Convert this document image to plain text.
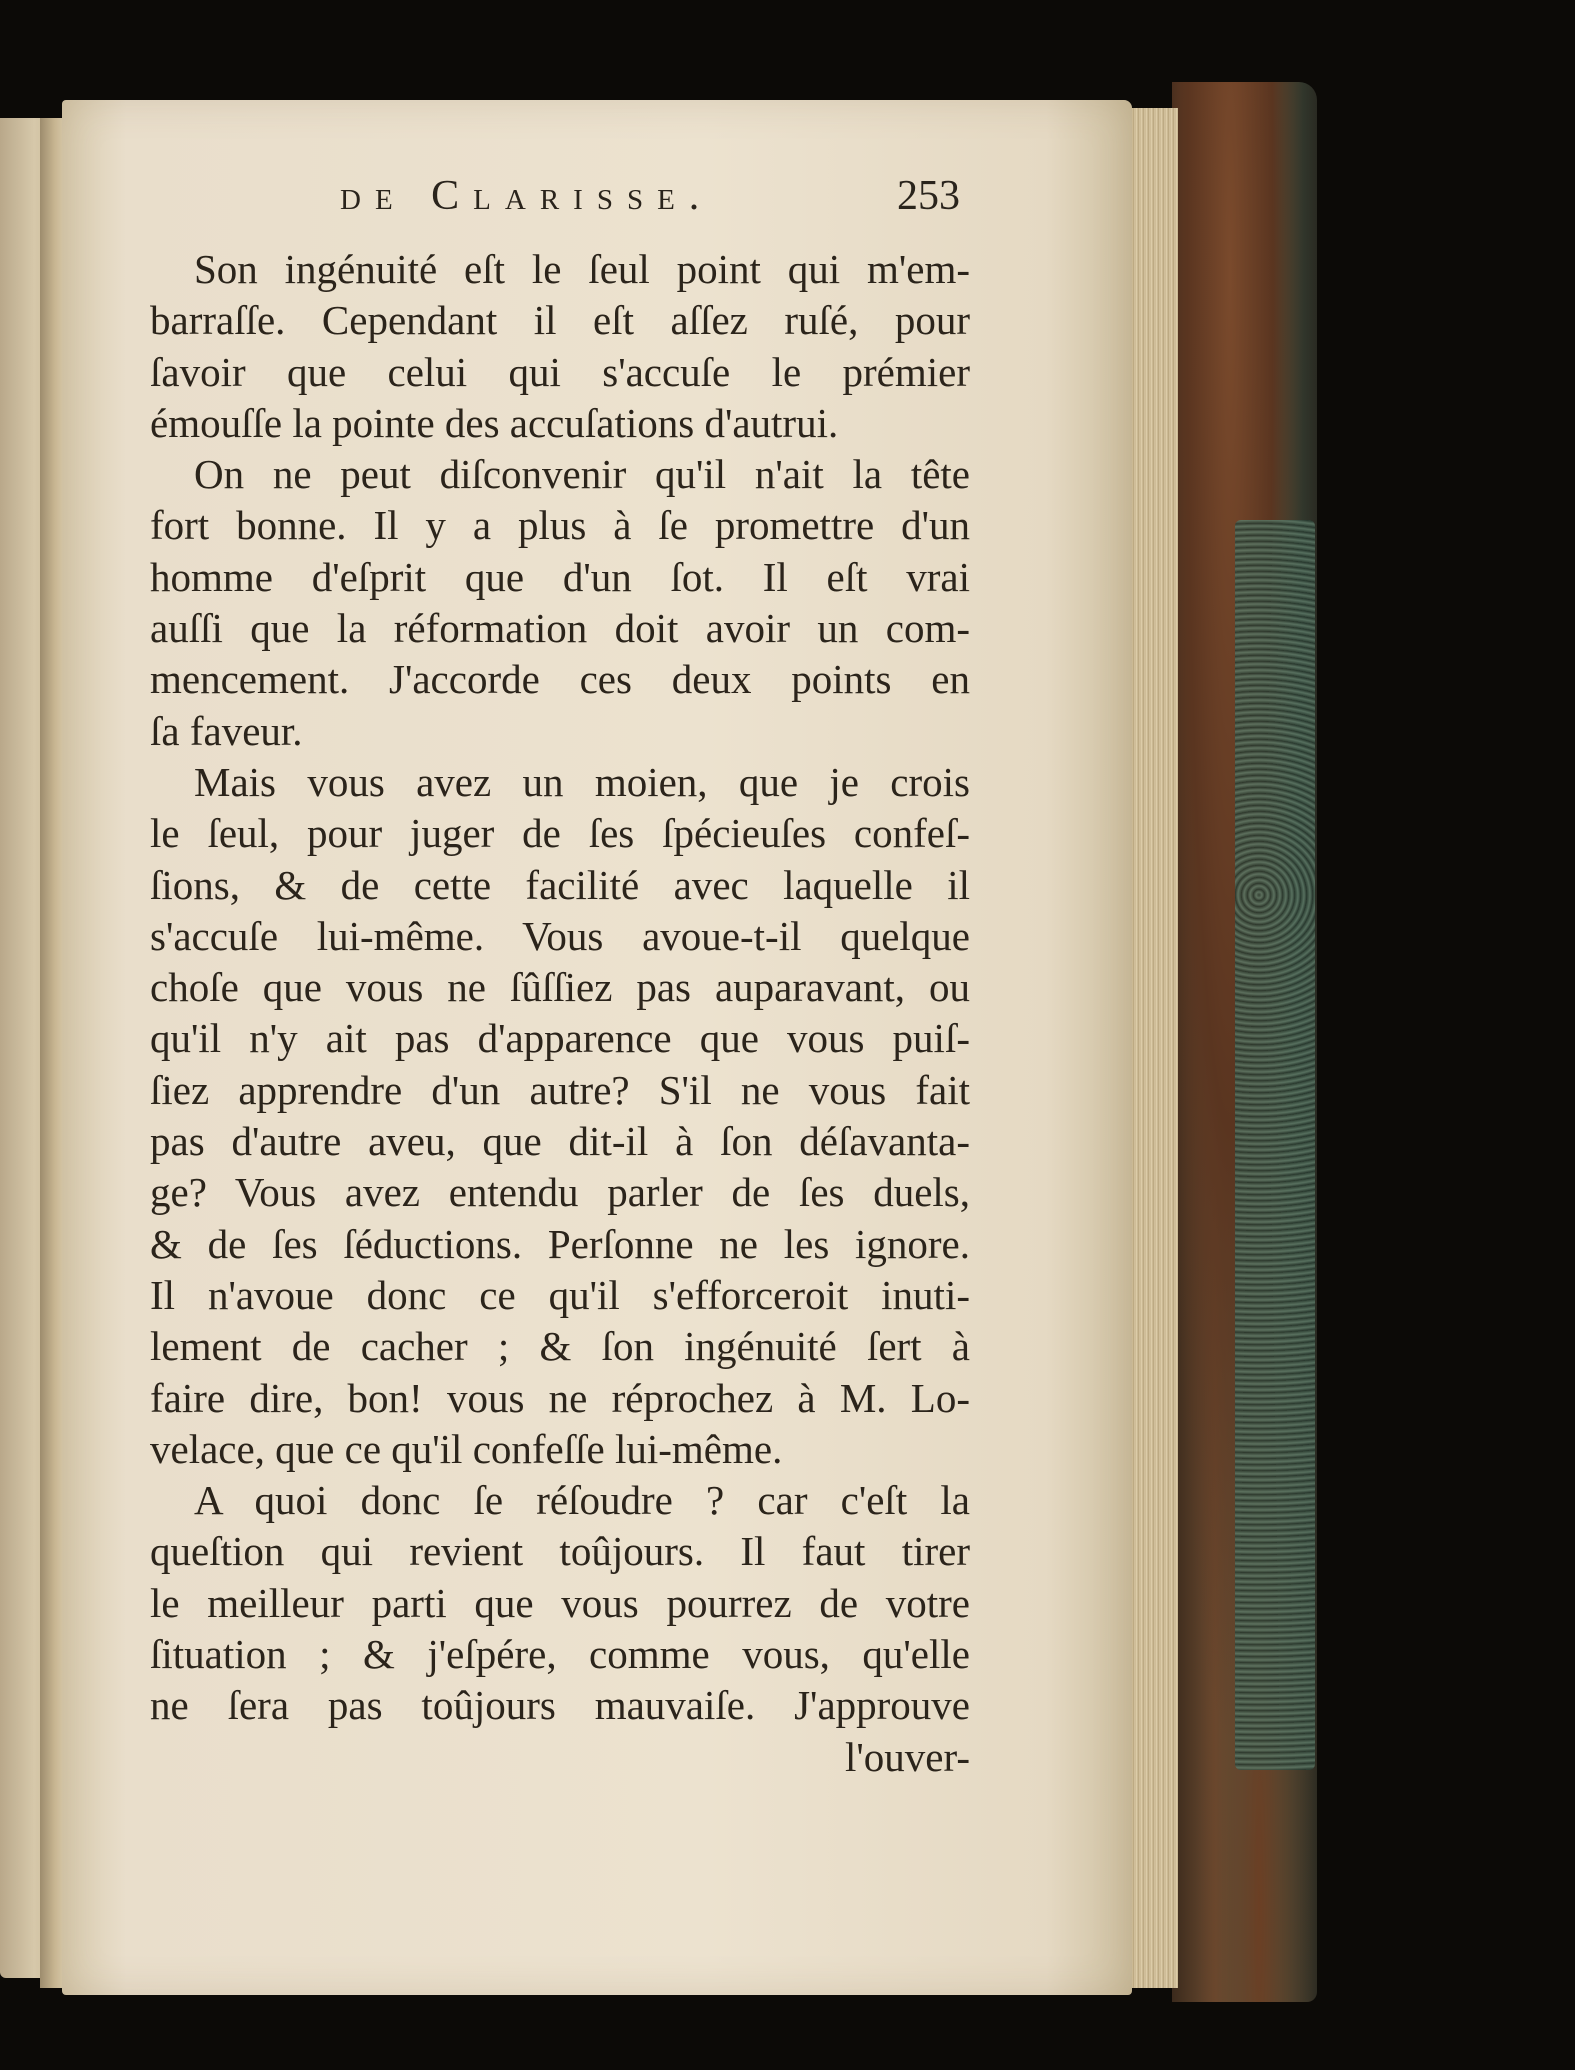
de Clarisse.	253
Son ingénuité eſt le ſeul point qui m'em-
barraſſe. Cependant il eſt aſſez ruſé, pour
ſavoir que celui qui s'accuſe le prémier
émouſſe la pointe des accuſations d'autrui.
On ne peut diſconvenir qu'il n'ait la tête
fort bonne. Il y a plus à ſe promettre d'un
homme d'eſprit que d'un ſot. Il eſt vrai
auſſi que la réformation doit avoir un com-
mencement. J'accorde ces deux points en
ſa faveur.
Mais vous avez un moien, que je crois
le ſeul, pour juger de ſes ſpécieuſes confeſ-
ſions, & de cette facilité avec laquelle il
s'accuſe lui-même. Vous avoue-t-il quelque
choſe que vous ne ſûſſiez pas auparavant, ou
qu'il n'y ait pas d'apparence que vous puiſ-
ſiez apprendre d'un autre? S'il ne vous fait
pas d'autre aveu, que dit-il à ſon déſavanta-
ge? Vous avez entendu parler de ſes duels,
& de ſes ſéductions. Perſonne ne les ignore.
Il n'avoue donc ce qu'il s'efforceroit inuti-
lement de cacher ; & ſon ingénuité ſert à
faire dire, bon! vous ne réprochez à M. Lo-
velace, que ce qu'il confeſſe lui-même.
A quoi donc ſe réſoudre ? car c'eſt la
queſtion qui revient toûjours. Il faut tirer
le meilleur parti que vous pourrez de votre
ſituation ; & j'eſpére, comme vous, qu'elle
ne ſera pas toûjours mauvaiſe. J'approuve
l'ouver-
